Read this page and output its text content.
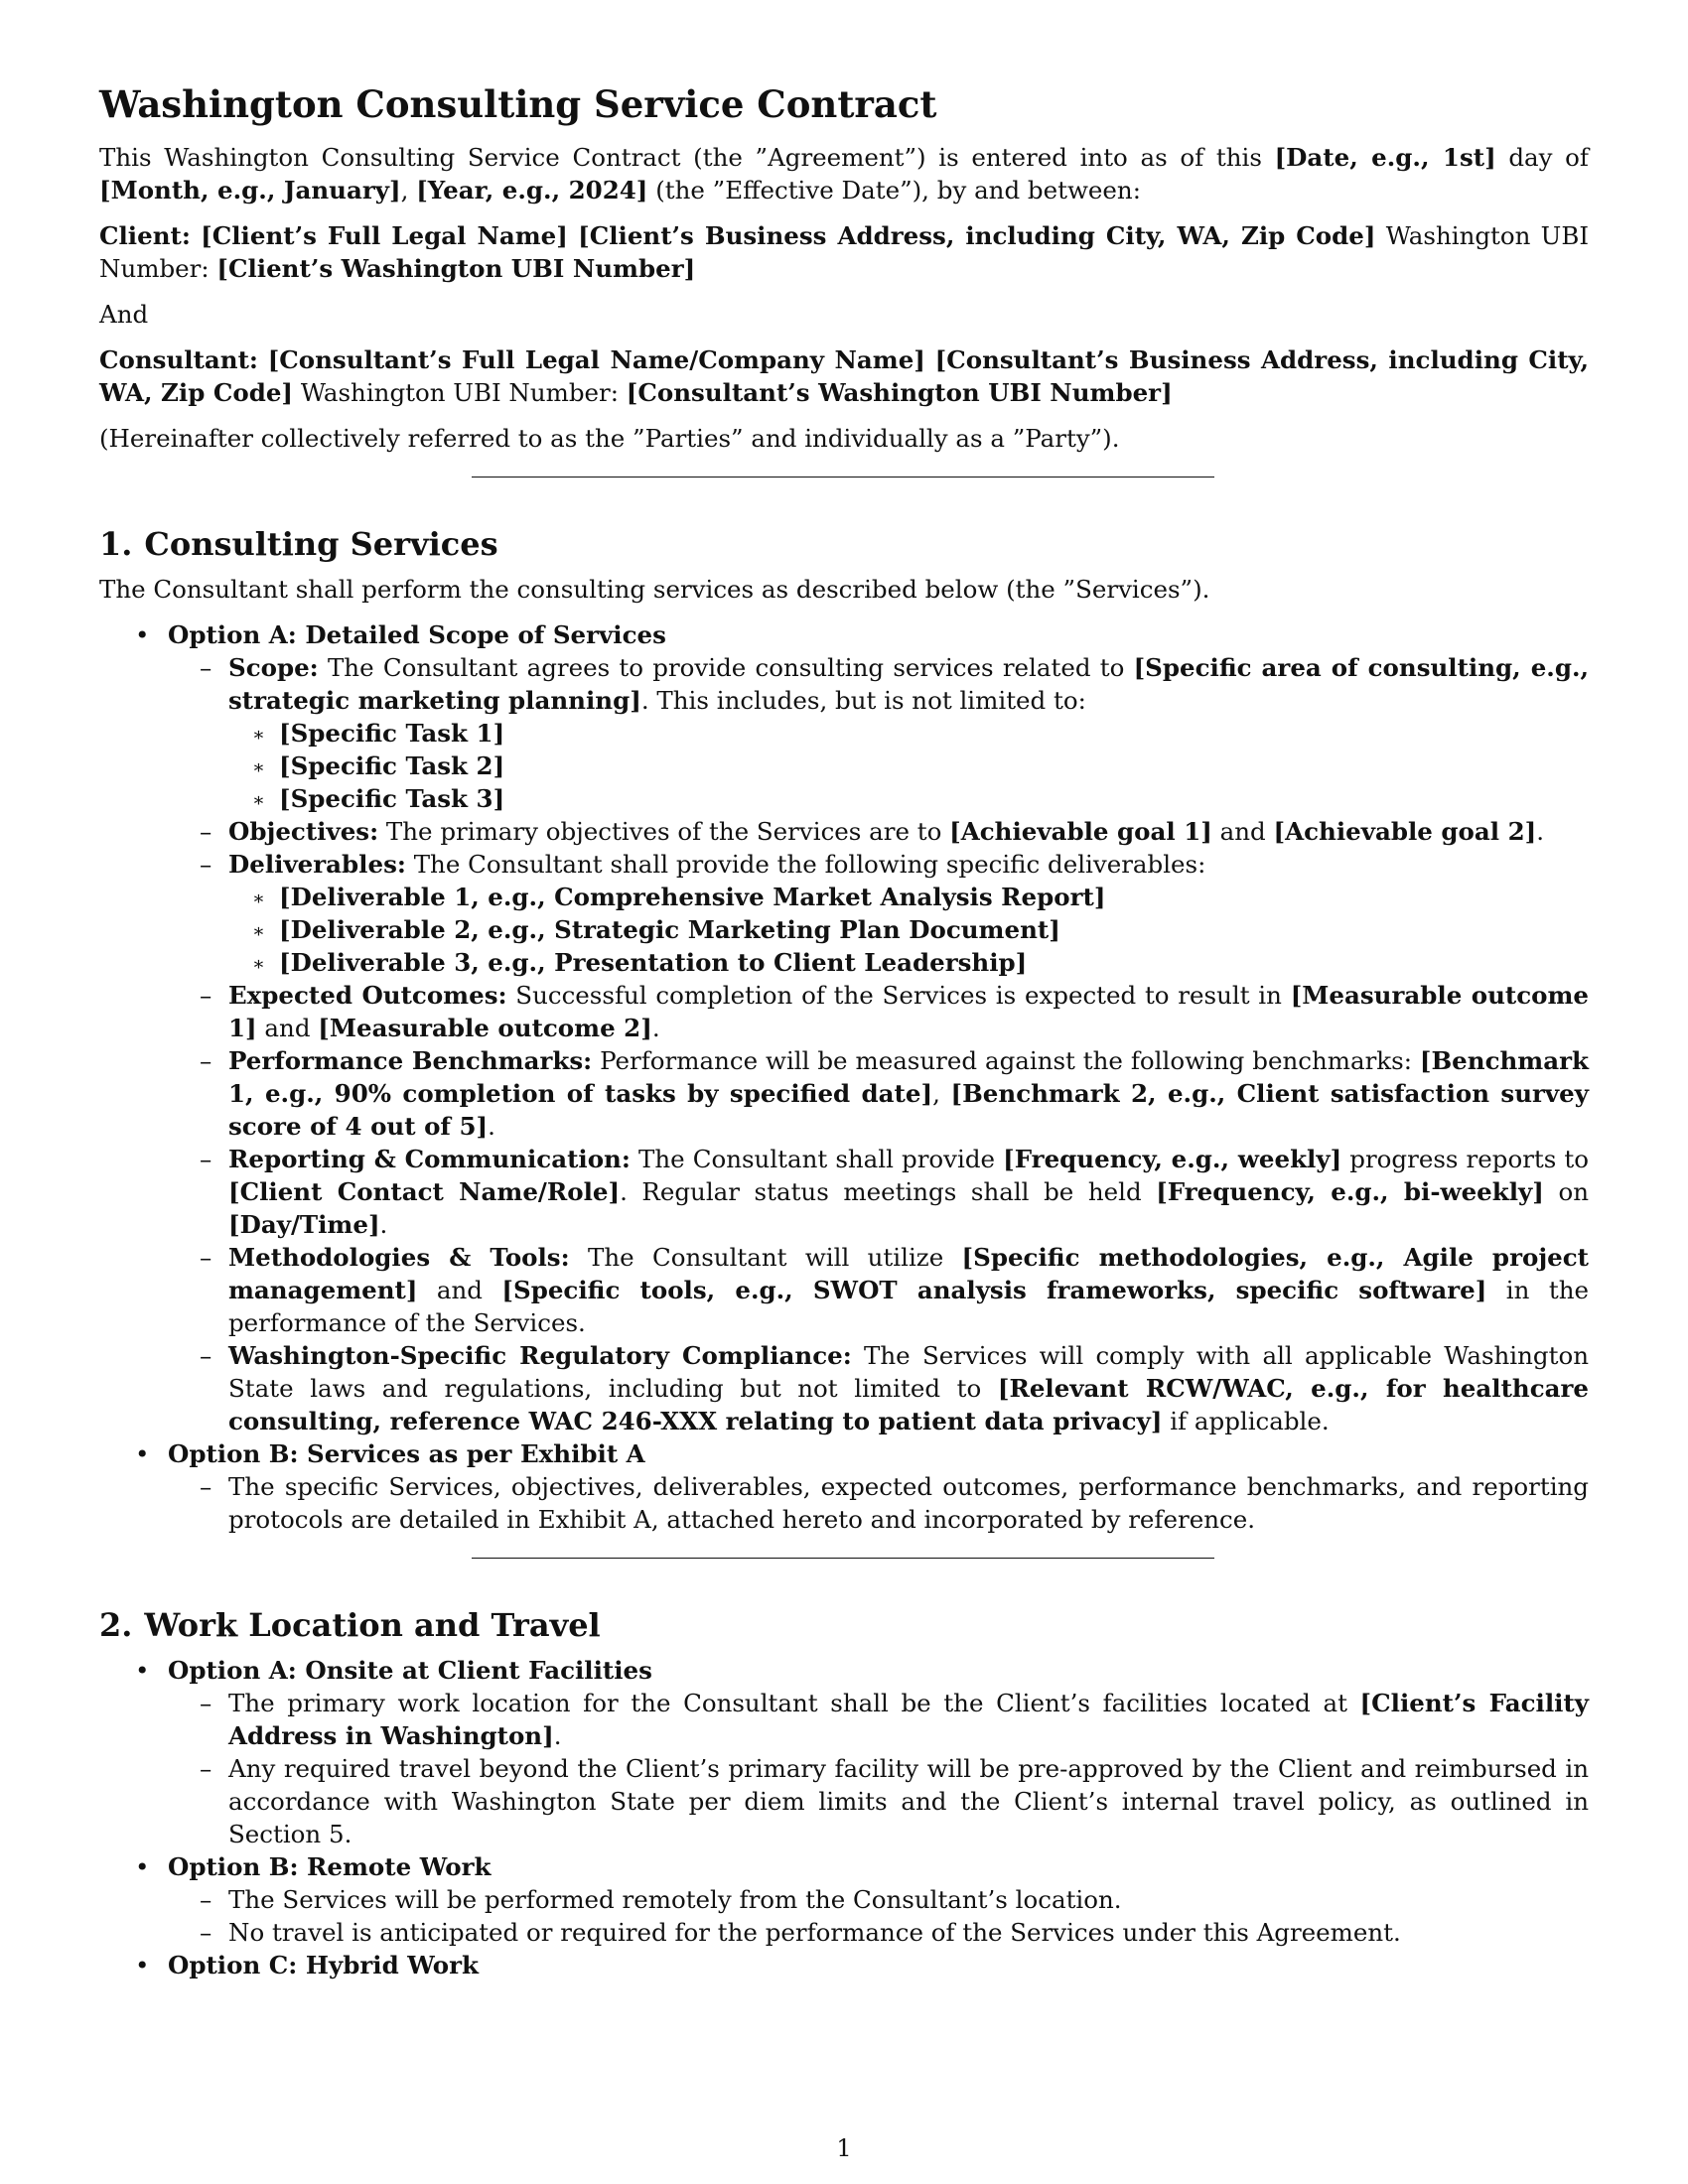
Washington Consulting Service Contract

This Washington Consulting Service Contract (the ”Agreement”) is entered into as of this [Date, e.g., 1st] day of [Month, e.g., January], [Year, e.g., 2024] (the ”Effective Date”), by and between:

Client: [Client’s Full Legal Name] [Client’s Business Address, including City, WA, Zip Code] Washington UBI Number: [Client’s Washington UBI Number]

And

Consultant: [Consultant’s Full Legal Name/Company Name] [Consultant’s Business Address, including City, WA, Zip Code] Washington UBI Number: [Consultant’s Washington UBI Number]

(Hereinafter collectively referred to as the ”Parties” and individually as a ”Party”).

1. Consulting Services

The Consultant shall perform the consulting services as described below (the ”Services”).

• Option A: Detailed Scope of Services
– Scope: The Consultant agrees to provide consulting services related to [Specific area of consulting, e.g., strategic marketing planning]. This includes, but is not limited to:
∗ [Specific Task 1]
∗ [Specific Task 2]
∗ [Specific Task 3]
– Objectives: The primary objectives of the Services are to [Achievable goal 1] and [Achievable goal 2].
– Deliverables: The Consultant shall provide the following specific deliverables:
∗ [Deliverable 1, e.g., Comprehensive Market Analysis Report]
∗ [Deliverable 2, e.g., Strategic Marketing Plan Document]
∗ [Deliverable 3, e.g., Presentation to Client Leadership]
– Expected Outcomes: Successful completion of the Services is expected to result in [Measurable outcome 1] and [Measurable outcome 2].
– Performance Benchmarks: Performance will be measured against the following benchmarks: [Benchmark 1, e.g., 90% completion of tasks by specified date], [Benchmark 2, e.g., Client satisfaction survey score of 4 out of 5].
– Reporting & Communication: The Consultant shall provide [Frequency, e.g., weekly] progress reports to [Client Contact Name/Role]. Regular status meetings shall be held [Frequency, e.g., bi-weekly] on [Day/Time].
– Methodologies & Tools: The Consultant will utilize [Specific methodologies, e.g., Agile project management] and [Specific tools, e.g., SWOT analysis frameworks, specific software] in the performance of the Services.
– Washington-Specific Regulatory Compliance: The Services will comply with all applicable Washington State laws and regulations, including but not limited to [Relevant RCW/WAC, e.g., for healthcare consulting, reference WAC 246-XXX relating to patient data privacy] if applicable.
• Option B: Services as per Exhibit A
– The specific Services, objectives, deliverables, expected outcomes, performance benchmarks, and reporting protocols are detailed in Exhibit A, attached hereto and incorporated by reference.
2. Work Location and Travel
• Option A: Onsite at Client Facilities
– The primary work location for the Consultant shall be the Client’s facilities located at [Client’s Facility Address in Washington].
– Any required travel beyond the Client’s primary facility will be pre-approved by the Client and reimbursed in accordance with Washington State per diem limits and the Client’s internal travel policy, as outlined in Section 5.
• Option B: Remote Work
– The Services will be performed remotely from the Consultant’s location.
– No travel is anticipated or required for the performance of the Services under this Agreement.
• Option C: Hybrid Work
1
